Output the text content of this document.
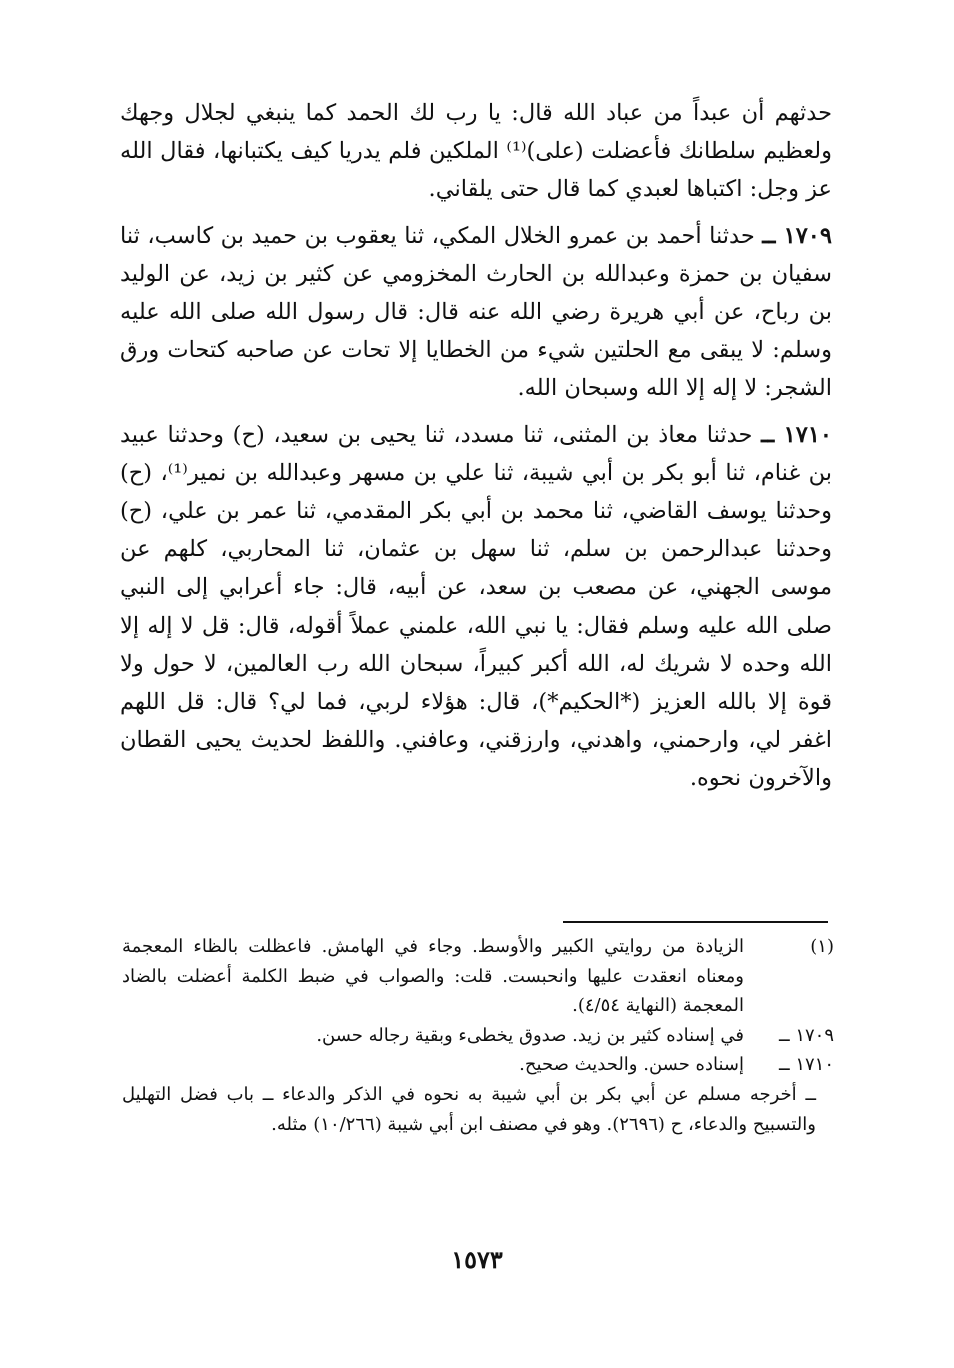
حدثهم أن عبداً من عباد الله قال: يا رب لك الحمد كما ينبغي لجلال وجهك ولعظيم سلطانك فأعضلت (على)⁽¹⁾ الملكين فلم يدريا كيف يكتبانها، فقال الله عز وجل: اكتباها لعبدي كما قال حتى يلقاني.

١٧٠٩ ــ حدثنا أحمد بن عمرو الخلال المكي، ثنا يعقوب بن حميد بن كاسب، ثنا سفيان بن حمزة وعبدالله بن الحارث المخزومي عن كثير بن زيد، عن الوليد بن رباح، عن أبي هريرة رضي الله عنه قال: قال رسول الله صلى الله عليه وسلم: لا يبقى مع الحلتين شيء من الخطايا إلا تحات عن صاحبه كتحات ورق الشجر: لا إله إلا الله وسبحان الله.

١٧١٠ ــ حدثنا معاذ بن المثنى، ثنا مسدد، ثنا يحيى بن سعيد، (ح) وحدثنا عبيد بن غنام، ثنا أبو بكر بن أبي شيبة، ثنا علي بن مسهر وعبدالله بن نمير⁽¹⁾، (ح) وحدثنا يوسف القاضي، ثنا محمد بن أبي بكر المقدمي، ثنا عمر بن علي، (ح) وحدثنا عبدالرحمن بن سلم، ثنا سهل بن عثمان، ثنا المحاربي، كلهم عن موسى الجهني، عن مصعب بن سعد، عن أبيه، قال: جاء أعرابي إلى النبي صلى الله عليه وسلم فقال: يا نبي الله، علمني عملاً أقوله، قال: قل لا إله إلا الله وحده لا شريك له، الله أكبر كبيراً، سبحان الله رب العالمين، لا حول ولا قوة إلا بالله العزيز (*الحكيم*)، قال: هؤلاء لربي، فما لي؟ قال: قل اللهم اغفر لي، وارحمني، واهدني، وارزقني، وعافني. واللفظ لحديث يحيى القطان والآخرون نحوه.

(١)
الزيادة من روايتي الكبير والأوسط. وجاء في الهامش. فاعظلت بالظاء المعجمة ومعناه انعقدت عليها وانحبست. قلت: والصواب في ضبط الكلمة أعضلت بالضاد المعجمة (النهاية ٤/٥٤).
١٧٠٩ ــ
في إسناده كثير بن زيد. صدوق يخطىء وبقية رجاله حسن.
١٧١٠ ــ
إسناده حسن. والحديث صحيح.
ــ أخرجه مسلم عن أبي بكر بن أبي شيبة به نحوه في الذكر والدعاء ــ باب فضل التهليل والتسبيح والدعاء، ح (٢٦٩٦). وهو في مصنف ابن أبي شيبة (١٠/٢٦٦) مثله.
١٥٧٣
